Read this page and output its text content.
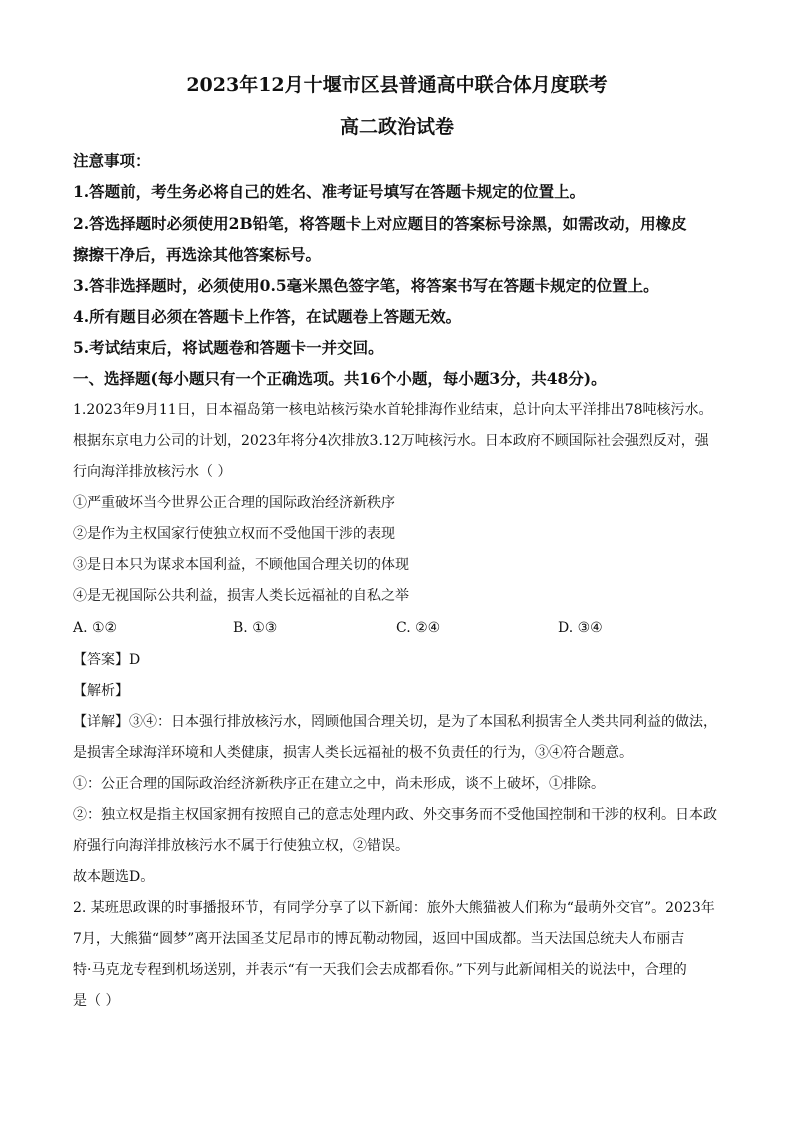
2023年12月十堰市区县普通高中联合体月度联考
高二政治试卷
注意事项：
1.答题前，考生务必将自己的姓名、准考证号填写在答题卡规定的位置上。
2.答选择题时必须使用2B铅笔，将答题卡上对应题目的答案标号涂黑，如需改动，用橡皮
擦擦干净后，再选涂其他答案标号。
3.答非选择题时，必须使用0.5毫米黑色签字笔，将答案书写在答题卡规定的位置上。
4.所有题目必须在答题卡上作答，在试题卷上答题无效。
5.考试结束后，将试题卷和答题卡一并交回。
一、选择题(每小题只有一个正确选项。共16个小题，每小题3分，共48分)。
1.2023年9月11日，日本福岛第一核电站核污染水首轮排海作业结束，总计向太平洋排出78吨核污水。
根据东京电力公司的计划，2023年将分4次排放3.12万吨核污水。日本政府不顾国际社会强烈反对，强
行向海洋排放核污水（ ）
①严重破坏当今世界公正合理的国际政治经济新秩序
②是作为主权国家行使独立权而不受他国干涉的表现
③是日本只为谋求本国利益，不顾他国合理关切的体现
④是无视国际公共利益，损害人类长远福祉的自私之举
A. ①②	B. ①③	C. ②④	D. ③④
【答案】D
【解析】
【详解】③④：日本强行排放核污水，罔顾他国合理关切，是为了本国私利损害全人类共同利益的做法，
是损害全球海洋环境和人类健康，损害人类长远福祉的极不负责任的行为，③④符合题意。
①：公正合理的国际政治经济新秩序正在建立之中，尚未形成，谈不上破坏，①排除。
②：独立权是指主权国家拥有按照自己的意志处理内政、外交事务而不受他国控制和干涉的权利。日本政
府强行向海洋排放核污水不属于行使独立权，②错误。
故本题选D。
2. 某班思政课的时事播报环节，有同学分享了以下新闻：旅外大熊猫被人们称为“最萌外交官”。2023年
7月，大熊猫“圆梦”离开法国圣艾尼昂市的博瓦勒动物园，返回中国成都。当天法国总统夫人布丽吉
特·马克龙专程到机场送别，并表示“有一天我们会去成都看你。”下列与此新闻相关的说法中，合理的
是（ ）
